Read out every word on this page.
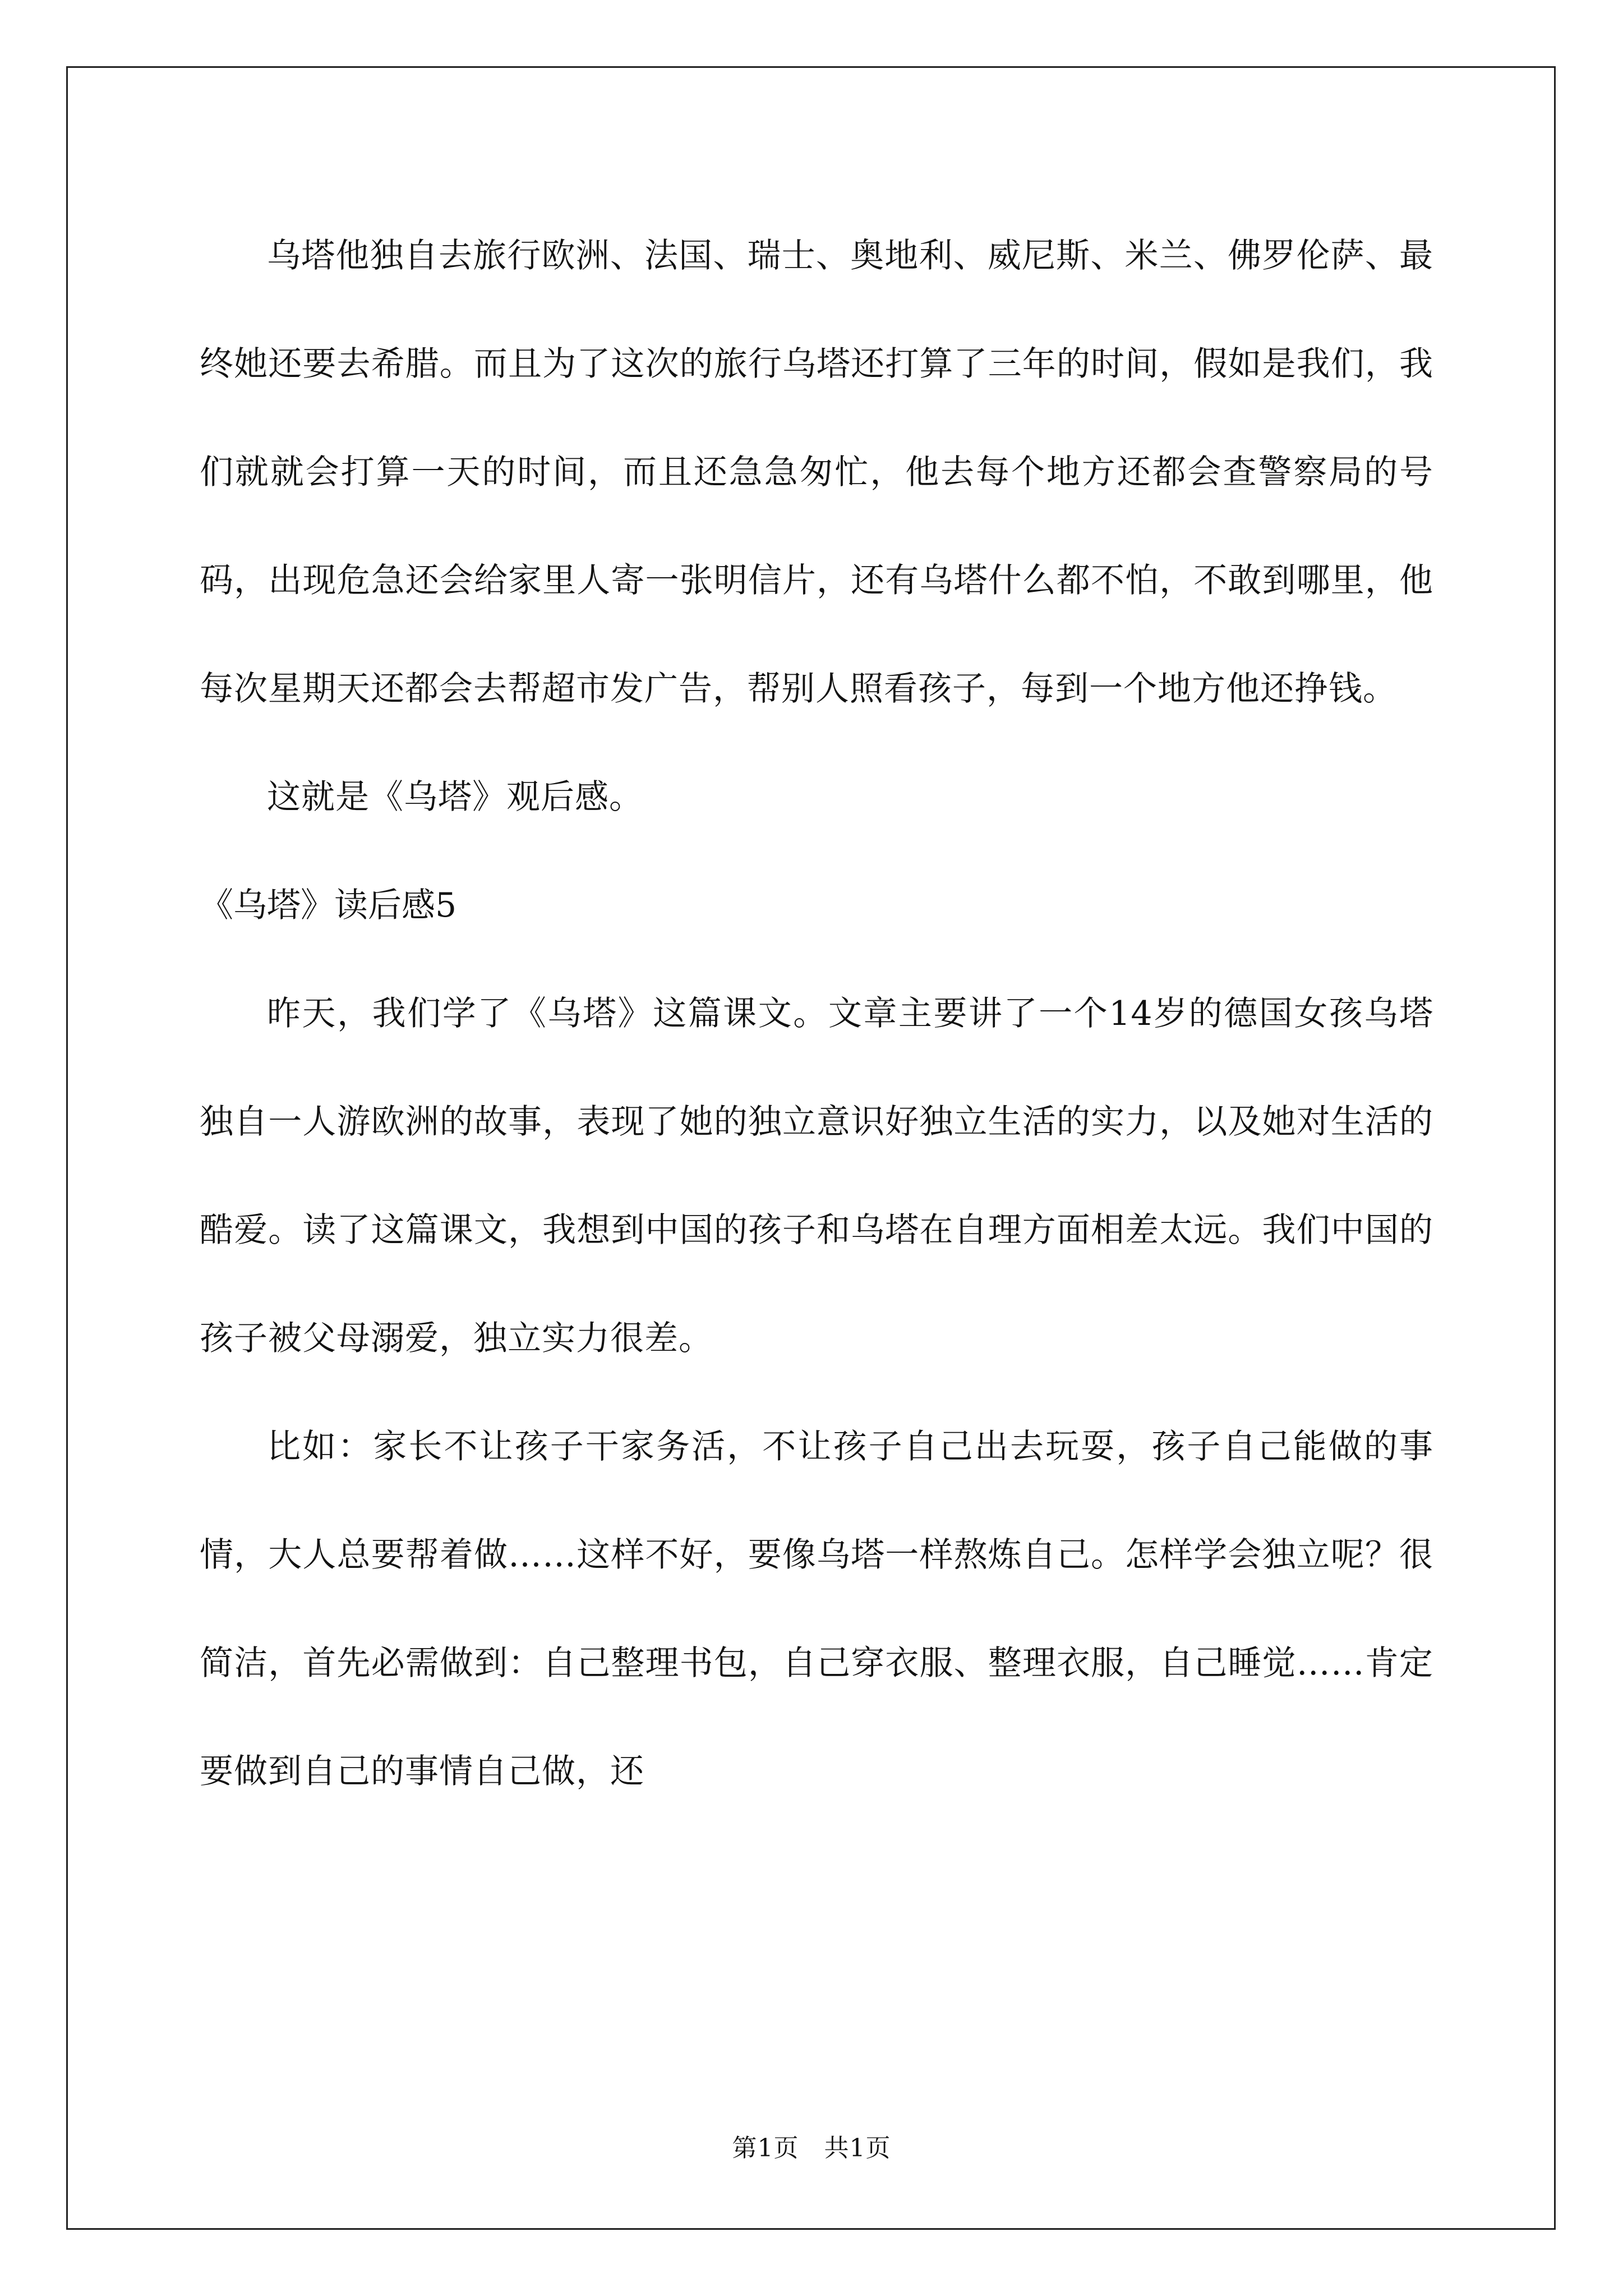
乌塔他独自去旅行欧洲、法国、瑞士、奥地利、威尼斯、米兰、佛罗伦萨、最终她还要去希腊。而且为了这次的旅行乌塔还打算了三年的时间，假如是我们，我们就就会打算一天的时间，而且还急急匆忙，他去每个地方还都会查警察局的号码，出现危急还会给家里人寄一张明信片，还有乌塔什么都不怕，不敢到哪里，他每次星期天还都会去帮超市发广告，帮别人照看孩子，每到一个地方他还挣钱。

这就是《乌塔》观后感。

《乌塔》读后感5

昨天，我们学了《乌塔》这篇课文。文章主要讲了一个14岁的德国女孩乌塔独自一人游欧洲的故事，表现了她的独立意识好独立生活的实力，以及她对生活的酷爱。读了这篇课文，我想到中国的孩子和乌塔在自理方面相差太远。我们中国的孩子被父母溺爱，独立实力很差。

比如：家长不让孩子干家务活，不让孩子自己出去玩耍，孩子自己能做的事情，大人总要帮着做……这样不好，要像乌塔一样熬炼自己。怎样学会独立呢？很简洁，首先必需做到：自己整理书包，自己穿衣服、整理衣服，自己睡觉……肯定要做到自己的事情自己做，还

第1页　共1页
